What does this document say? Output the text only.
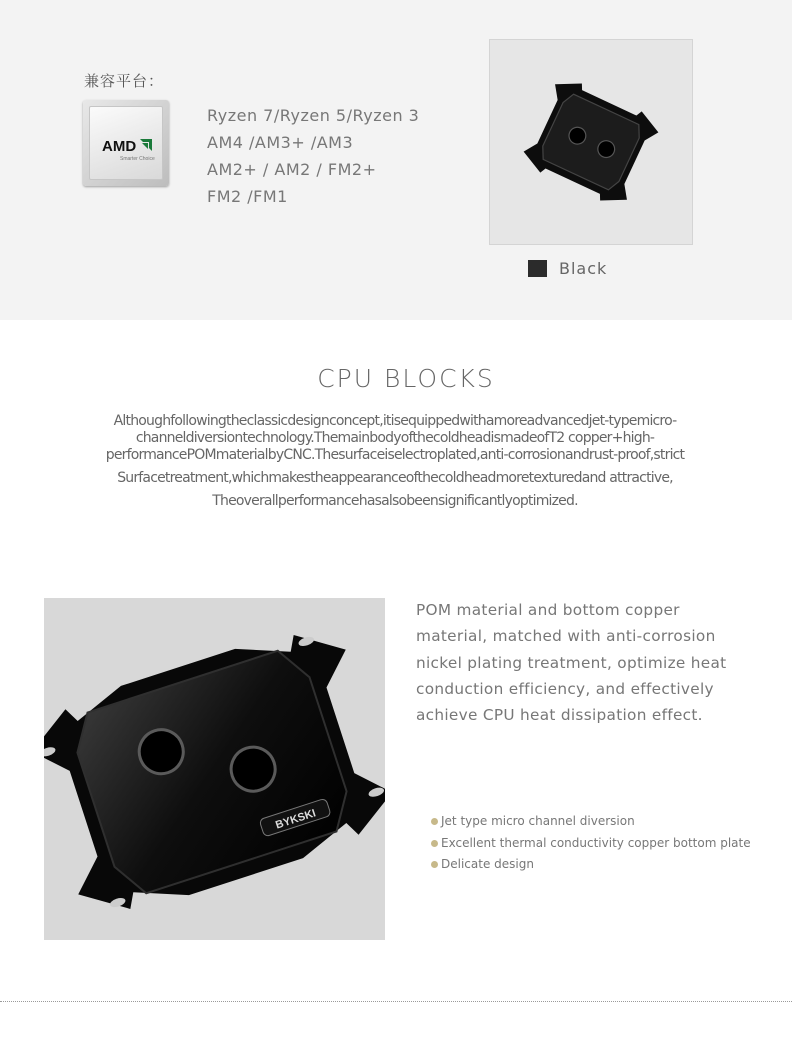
兼容平台：
AMD
Smarter Choice
Ryzen 7/Ryzen 5/Ryzen 3
AM4 /AM3+ /AM3
AM2+ / AM2 / FM2+
FM2 /FM1
Black
CPU BLOCKS

Althoughfollowingtheclassicdesignconcept,itisequippedwithamoreadvancedjet-typemicro-channeldiversiontechnology.ThemainbodyofthecoldheadismadeofT2 copper+high-performancePOMmaterialbyCNC.Thesurfaceiselectroplated,anti-corrosionandrust-proof,strict

Surfacetreatment,whichmakestheappearanceofthecoldheadmoretexturedand attractive,

Theoverallperformancehasalsobeensignificantlyoptimized.

BYKSKI
POM material and bottom copper material, matched with anti-corrosion nickel plating treatment, optimize heat conduction efficiency, and effectively achieve CPU heat dissipation effect.
Jet type micro channel diversion
Excellent thermal conductivity copper bottom plate
Delicate design
